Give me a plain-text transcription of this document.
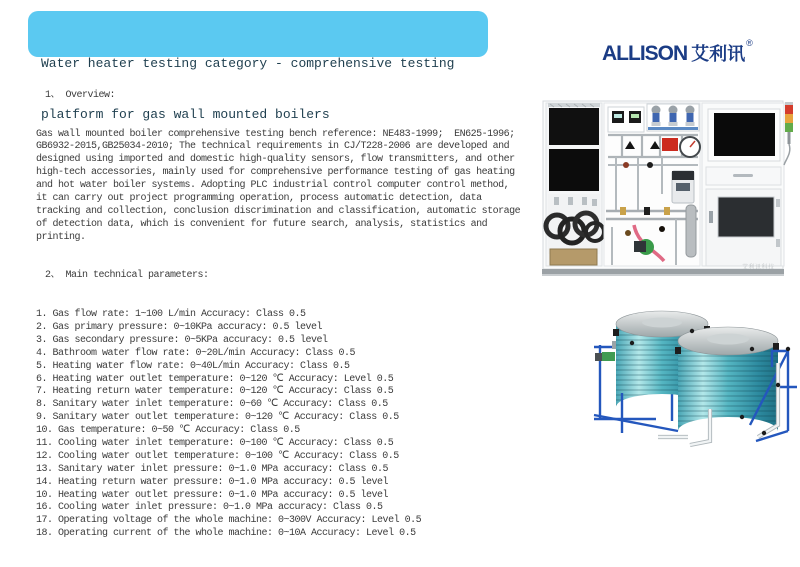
Water heater testing category - comprehensive testing

platform for gas wall mounted boilers

ALLISON 艾利讯®

1、 Overview:

Gas wall mounted boiler comprehensive testing bench reference: NE483-1999;  EN625-1996;
GB6932-2015,GB25034-2010; The technical requirements in CJ/T228-2006 are developed and
designed using imported and domestic high-quality sensors, flow transmitters, and other
high-tech accessories, mainly used for comprehensive performance testing of gas heating
and hot water boiler systems. Adopting PLC industrial control computer control method,
it can carry out project programming operation, process automatic detection, data
tracking and collection, conclusion discrimination and classification, automatic storage
of detection data, which is convenient for future search, analysis, statistics and
printing.

2、 Main technical parameters:

1. Gas flow rate: 1~100 L/min Accuracy: Class 0.5
2. Gas primary pressure: 0~10KPa accuracy: 0.5 level
3. Gas secondary pressure: 0~5KPa accuracy: 0.5 level
4. Bathroom water flow rate: 0~20L/min Accuracy: Class 0.5
5. Heating water flow rate: 0~40L/min Accuracy: Class 0.5
6. Heating water outlet temperature: 0~120 ℃ Accuracy: Level 0.5
7. Heating return water temperature: 0~120 ℃ Accuracy: Class 0.5
8. Sanitary water inlet temperature: 0~60 ℃ Accuracy: Class 0.5
9. Sanitary water outlet temperature: 0~120 ℃ Accuracy: Class 0.5
10. Gas temperature: 0~50 ℃ Accuracy: Class 0.5
11. Cooling water inlet temperature: 0~100 ℃ Accuracy: Class 0.5
12. Cooling water outlet temperature: 0~100 ℃ Accuracy: Class 0.5
13. Sanitary water inlet pressure: 0~1.0 MPa accuracy: Class 0.5
14. Heating return water pressure: 0~1.0 MPa accuracy: 0.5 level
10. Heating water outlet pressure: 0~1.0 MPa accuracy: 0.5 level
16. Cooling water inlet pressure: 0~1.0 MPa accuracy: Class 0.5
17. Operating voltage of the whole machine: 0~300V Accuracy: Level 0.5
18. Operating current of the whole machine: 0~10A Accuracy: Level 0.5

艾利讯科技
